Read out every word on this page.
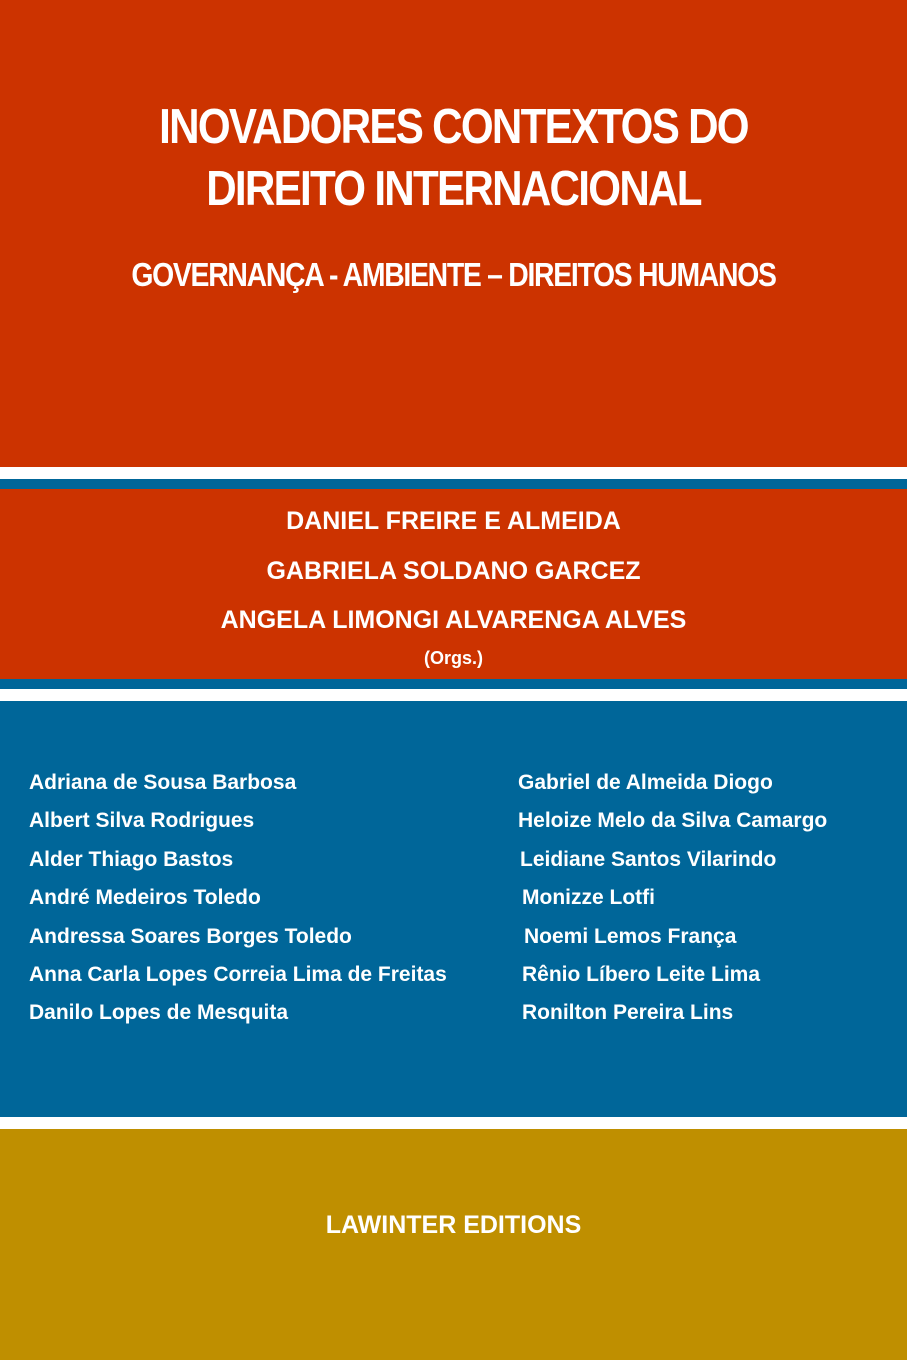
INOVADORES CONTEXTOS DO
DIREITO INTERNACIONAL
GOVERNANÇA - AMBIENTE – DIREITOS HUMANOS
DANIEL FREIRE E ALMEIDA
GABRIELA SOLDANO GARCEZ
ANGELA LIMONGI ALVARENGA ALVES
(Orgs.)
Adriana de Sousa Barbosa
Albert Silva Rodrigues
Alder Thiago Bastos
André Medeiros Toledo
Andressa Soares Borges Toledo
Anna Carla Lopes Correia Lima de Freitas
Danilo Lopes de Mesquita
Gabriel de Almeida Diogo
Heloize Melo da Silva Camargo
Leidiane Santos Vilarindo
Monizze Lotfi
Noemi Lemos França
Rênio Líbero Leite Lima
Ronilton Pereira Lins
LAWINTER EDITIONS
